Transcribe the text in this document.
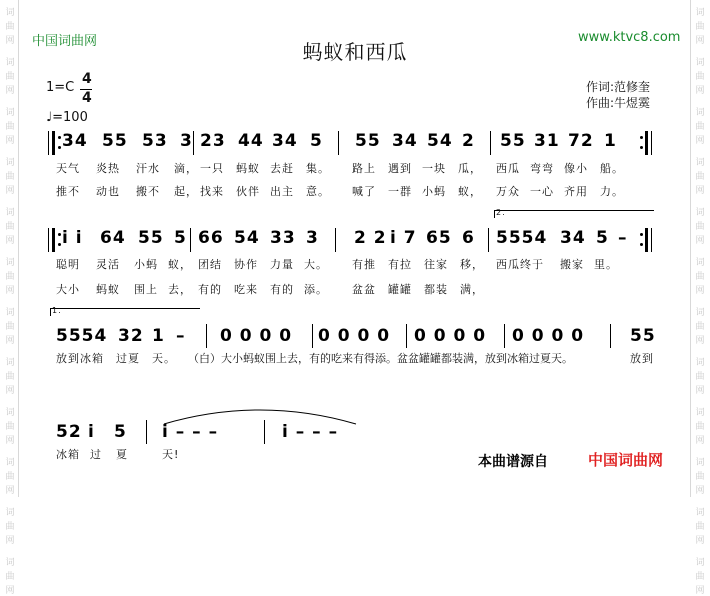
词
曲
网
词
曲
网
词
曲
网
词
曲
网
词
曲
网
词
曲
网
词
曲
网
词
曲
网
词
曲
网
词
曲
网
词
曲
网
词
曲
网
词
曲
网
词
曲
网
词
曲
网
词
曲
网
词
曲
网
词
曲
网
词
曲
网
词
曲
网
词
曲
网
词
曲
网
词
曲
网
词
曲
网
中国词曲网	www.ktvc8.com
蚂蚁和西瓜
1=C
4
4
♩=100
作词:范修奎
作曲:牛煜霙
34 55 53 3 23 44 34 5 55 34 54 2 55 31 72 1
天气 炎热 汗水 滴， 一只 蚂蚁 去赶 集。 路上 遇到 一块 瓜， 西瓜 弯弯 像小 船。
推不 动也 搬不 起， 找来 伙伴 出主 意。 喊了 一群 小蚂 蚁， 万众 一心 齐用 力。
2.
i i 64 55 5 66 54 33 3 2 2 i 7 65 6 5554 34 5 –
聪明 灵活 小蚂 蚁， 团结 协作 力量 大。 有推 有拉 往家 移， 西瓜终于 搬家 里。
大小 蚂蚁 围上 去， 有的 吃来 有的 添。 盆盆 罐罐 都装 满，
1.
5554 32 1 – 0 0 0 0 0 0 0 0 0 0 0 0 0 0 0 0	55
放到冰箱 过夏 天。 （白）大小蚂蚁围上去，有的吃来有得添。盆盆罐罐都装满，放到冰箱过夏天。	放到
52 i 5 i – – –	i – – –
冰箱 过 夏	天!	本曲谱源自	中国词曲网
